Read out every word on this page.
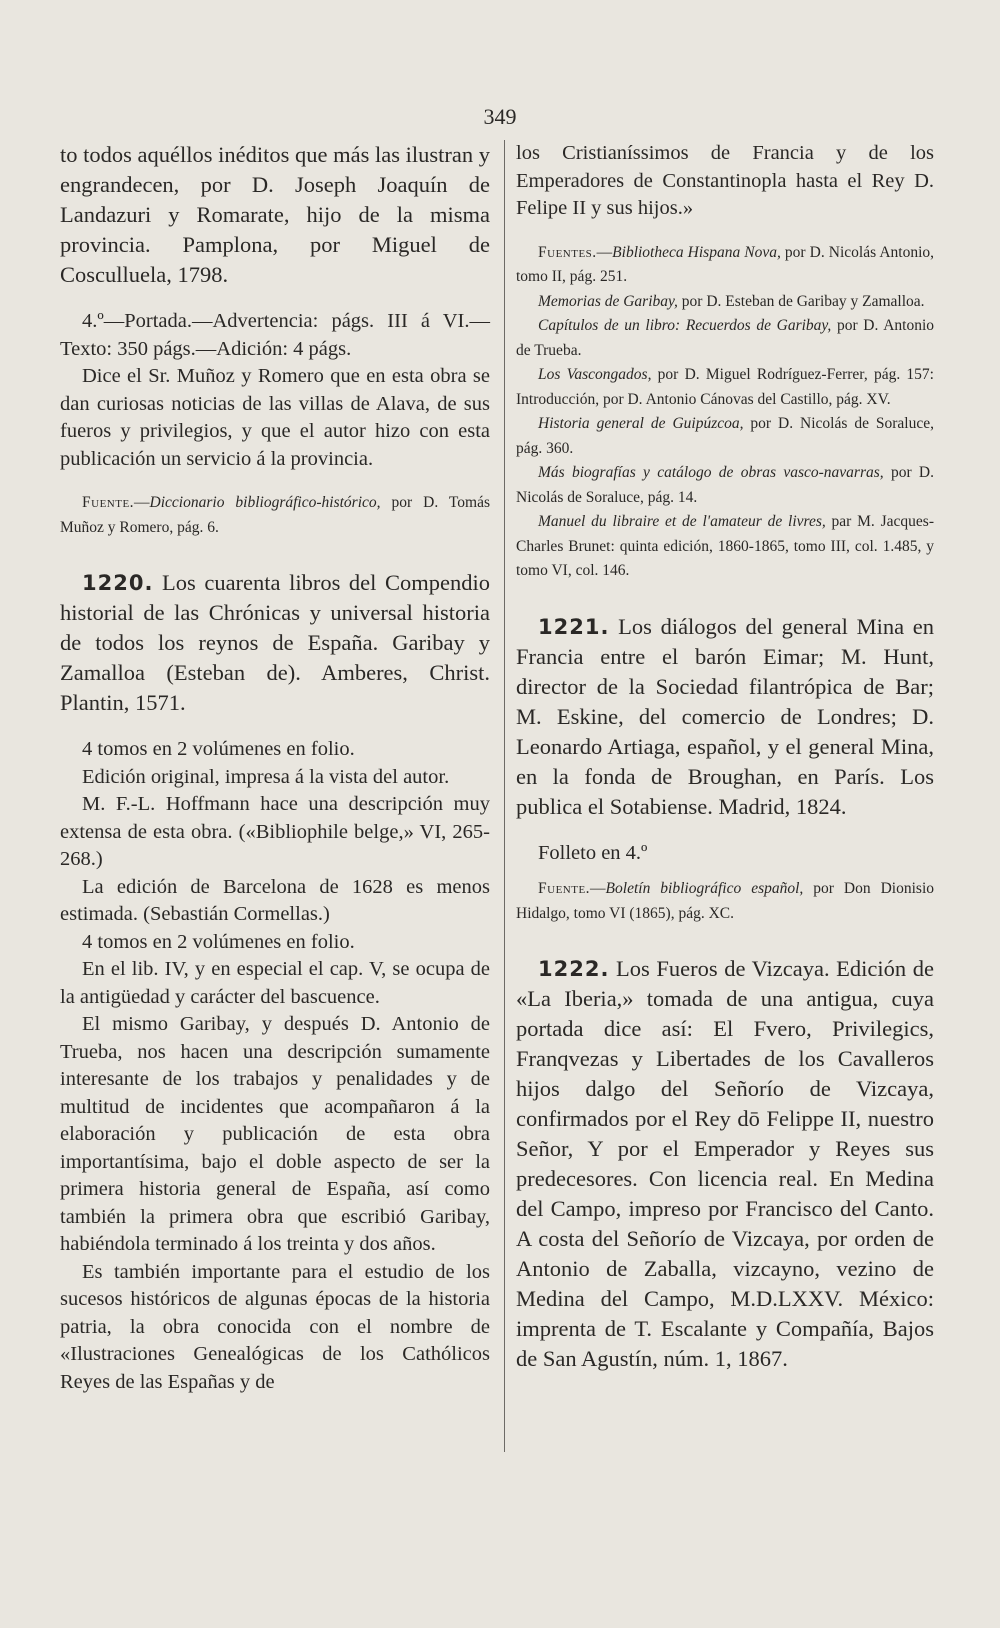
349

to todos aquéllos inéditos que más las ilustran y engrandecen, por D. Joseph Joaquín de Landazuri y Romarate, hijo de la misma provincia. Pamplona, por Miguel de Cosculluela, 1798.

4.º—Portada.—Advertencia: págs. III á VI.—Texto: 350 págs.—Adición: 4 págs.

Dice el Sr. Muñoz y Romero que en esta obra se dan curiosas noticias de las villas de Alava, de sus fueros y privilegios, y que el autor hizo con esta publicación un servicio á la provincia.

Fuente.—Diccionario bibliográfico-histórico, por D. Tomás Muñoz y Romero, pág. 6.

1220. Los cuarenta libros del Compendio historial de las Chrónicas y universal historia de todos los reynos de España. Garibay y Zamalloa (Esteban de). Amberes, Christ. Plantin, 1571.

4 tomos en 2 volúmenes en folio.

Edición original, impresa á la vista del autor.

M. F.-L. Hoffmann hace una descripción muy extensa de esta obra. («Bibliophile belge,» VI, 265-268.)

La edición de Barcelona de 1628 es menos estimada. (Sebastián Cormellas.)

4 tomos en 2 volúmenes en folio.

En el lib. IV, y en especial el cap. V, se ocupa de la antigüedad y carácter del bascuence.

El mismo Garibay, y después D. Antonio de Trueba, nos hacen una descripción sumamente interesante de los trabajos y penalidades y de multitud de incidentes que acompañaron á la elaboración y publicación de esta obra importantísima, bajo el doble aspecto de ser la primera historia general de España, así como también la primera obra que escribió Garibay, habiéndola terminado á los treinta y dos años.

Es también importante para el estudio de los sucesos históricos de algunas épocas de la historia patria, la obra conocida con el nombre de «Ilustraciones Genealógicas de los Cathólicos Reyes de las Españas y de

los Cristianíssimos de Francia y de los Emperadores de Constantinopla hasta el Rey D. Felipe II y sus hijos.»

Fuentes.—Bibliotheca Hispana Nova, por D. Nicolás Antonio, tomo II, pág. 251.

Memorias de Garibay, por D. Esteban de Garibay y Zamalloa.

Capítulos de un libro: Recuerdos de Garibay, por D. Antonio de Trueba.

Los Vascongados, por D. Miguel Rodríguez-Ferrer, pág. 157: Introducción, por D. Antonio Cánovas del Castillo, pág. XV.

Historia general de Guipúzcoa, por D. Nicolás de Soraluce, pág. 360.

Más biografías y catálogo de obras vasco-navarras, por D. Nicolás de Soraluce, pág. 14.

Manuel du libraire et de l'amateur de livres, par M. Jacques-Charles Brunet: quinta edición, 1860-1865, tomo III, col. 1.485, y tomo VI, col. 146.

1221. Los diálogos del general Mina en Francia entre el barón Eimar; M. Hunt, director de la Sociedad filantrópica de Bar; M. Eskine, del comercio de Londres; D. Leonardo Artiaga, español, y el general Mina, en la fonda de Broughan, en París. Los publica el Sotabiense. Madrid, 1824.

Folleto en 4.º

Fuente.—Boletín bibliográfico español, por Don Dionisio Hidalgo, tomo VI (1865), pág. XC.

1222. Los Fueros de Vizcaya. Edición de «La Iberia,» tomada de una antigua, cuya portada dice así: El Fvero, Privilegics, Franqvezas y Libertades de los Cavalleros hijos dalgo del Señorío de Vizcaya, confirmados por el Rey dō Felippe II, nuestro Señor, Y por el Emperador y Reyes sus predecesores. Con licencia real. En Medina del Campo, impreso por Francisco del Canto. A costa del Señorío de Vizcaya, por orden de Antonio de Zaballa, vizcayno, vezino de Medina del Campo, M.D.LXXV. México: imprenta de T. Escalante y Compañía, Bajos de San Agustín, núm. 1, 1867.
